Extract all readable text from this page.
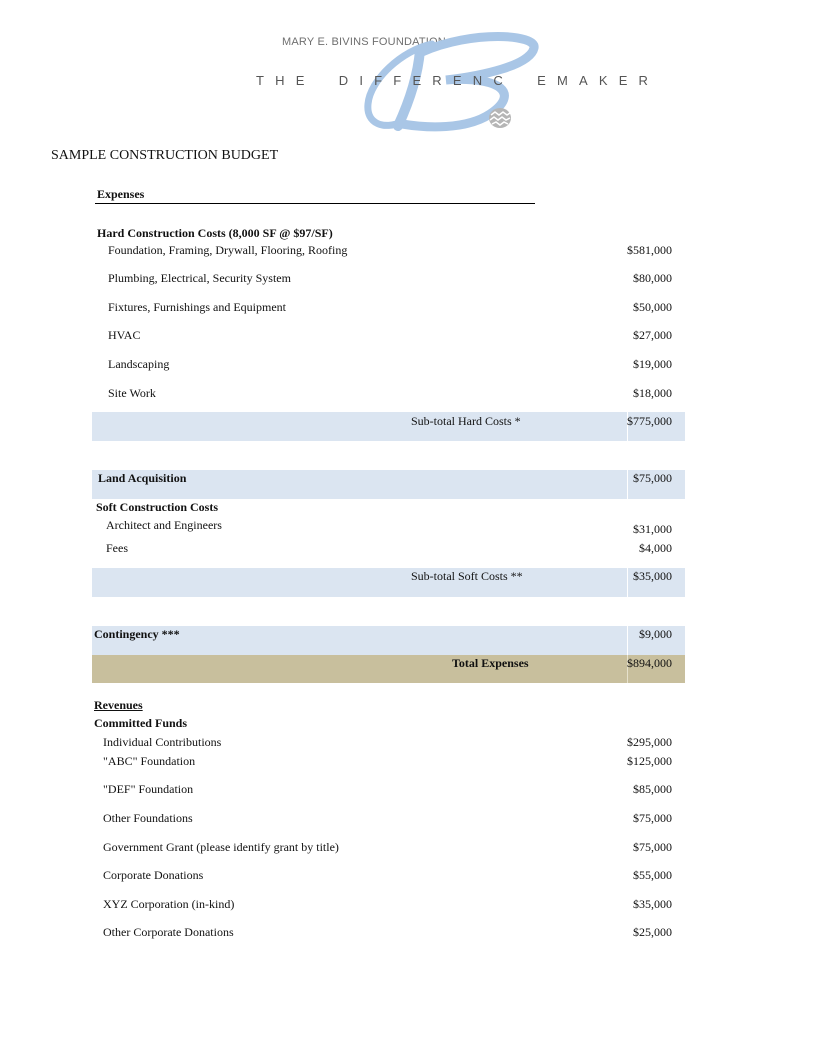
MARY E. BIVINS FOUNDATION
T H E	D I F F E R E N C	E M A K E R
SAMPLE CONSTRUCTION BUDGET
Expenses
Hard Construction Costs (8,000 SF @ $97/SF)
Foundation, Framing, Drywall, Flooring, Roofing	$581,000
Plumbing, Electrical, Security System	$80,000
Fixtures, Furnishings and Equipment	$50,000
HVAC	$27,000
Landscaping	$19,000
Site Work	$18,000
Sub-total Hard Costs *	$775,000
Land Acquisition	$75,000
Soft Construction Costs
Architect and Engineers	$31,000
Fees	$4,000
Sub-total Soft Costs **	$35,000
Contingency ***	$9,000
Total Expenses	$894,000
Revenues
Committed Funds
Individual Contributions	$295,000
"ABC" Foundation	$125,000
"DEF" Foundation	$85,000
Other Foundations	$75,000
Government Grant (please identify grant by title)	$75,000
Corporate Donations	$55,000
XYZ Corporation (in-kind)	$35,000
Other Corporate Donations	$25,000
